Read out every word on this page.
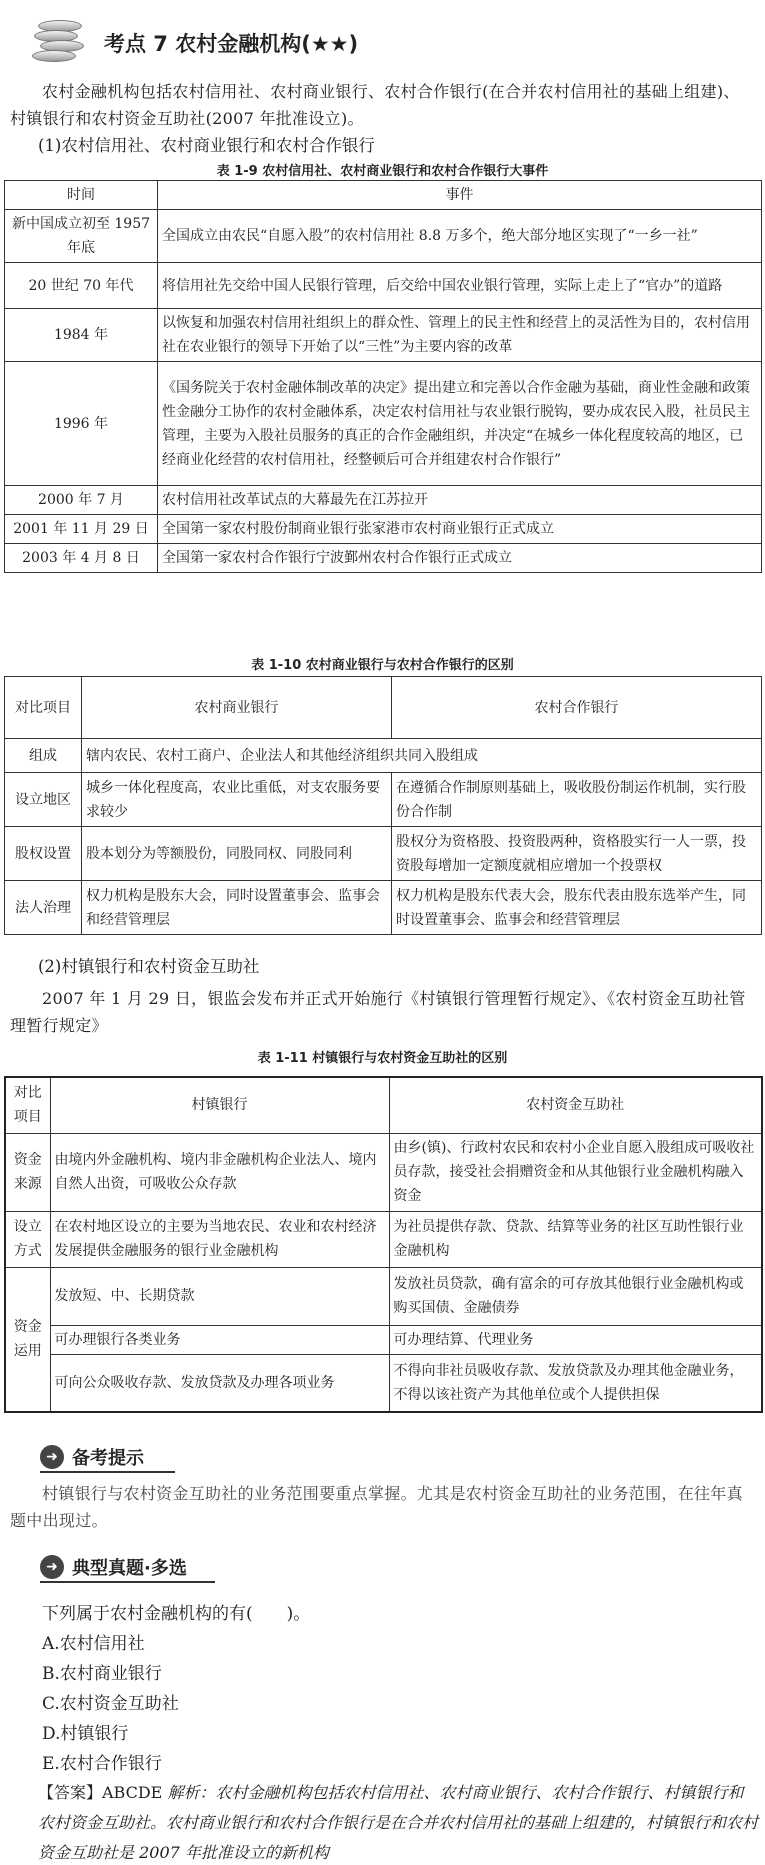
考点 7 农村金融机构(★★)
农村金融机构包括农村信用社、农村商业银行、农村合作银行(在合并农村信用社的基础上组建)、村镇银行和农村资金互助社(2007 年批准设立)。
(1)农村信用社、农村商业银行和农村合作银行
表 1-9 农村信用社、农村商业银行和农村合作银行大事件
时间	事件
新中国成立初至 1957 年底	全国成立由农民“自愿入股”的农村信用社 8.8 万多个，绝大部分地区实现了“一乡一社”
20 世纪 70 年代	将信用社先交给中国人民银行管理，后交给中国农业银行管理，实际上走上了“官办”的道路
1984 年	以恢复和加强农村信用社组织上的群众性、管理上的民主性和经营上的灵活性为目的，农村信用社在农业银行的领导下开始了以“三性”为主要内容的改革
1996 年	《国务院关于农村金融体制改革的决定》提出建立和完善以合作金融为基础，商业性金融和政策性金融分工协作的农村金融体系，决定农村信用社与农业银行脱钩，要办成农民入股，社员民主管理，主要为入股社员服务的真正的合作金融组织，并决定“在城乡一体化程度较高的地区，已经商业化经营的农村信用社，经整顿后可合并组建农村合作银行”
2000 年 7 月	农村信用社改革试点的大幕最先在江苏拉开
2001 年 11 月 29 日	全国第一家农村股份制商业银行张家港市农村商业银行正式成立
2003 年 4 月 8 日	全国第一家农村合作银行宁波鄞州农村合作银行正式成立
表 1-10 农村商业银行与农村合作银行的区别
对比项目	农村商业银行	农村合作银行
组成	辖内农民、农村工商户、企业法人和其他经济组织共同入股组成	
设立地区	城乡一体化程度高，农业比重低，对支农服务要求较少	在遵循合作制原则基础上，吸收股份制运作机制，实行股份合作制
股权设置	股本划分为等额股份，同股同权、同股同利	股权分为资格股、投资股两种，资格股实行一人一票，投资股每增加一定额度就相应增加一个投票权
法人治理	权力机构是股东大会，同时设置董事会、监事会和经营管理层	权力机构是股东代表大会，股东代表由股东选举产生，同时设置董事会、监事会和经营管理层
(2)村镇银行和农村资金互助社
2007 年 1 月 29 日，银监会发布并正式开始施行《村镇银行管理暂行规定》、《农村资金互助社管理暂行规定》
表 1-11 村镇银行与农村资金互助社的区别
对比项目	村镇银行	农村资金互助社
资金来源	由境内外金融机构、境内非金融机构企业法人、境内自然人出资，可吸收公众存款	由乡(镇)、行政村农民和农村小企业自愿入股组成可吸收社员存款，接受社会捐赠资金和从其他银行业金融机构融入资金
设立方式	在农村地区设立的主要为当地农民、农业和农村经济发展提供金融服务的银行业金融机构	为社员提供存款、贷款、结算等业务的社区互助性银行业金融机构
资金运用	发放短、中、长期贷款	发放社员贷款，确有富余的可存放其他银行业金融机构或购买国债、金融债券
	可办理银行各类业务	可办理结算、代理业务
	可向公众吸收存款、发放贷款及办理各项业务	不得向非社员吸收存款、发放贷款及办理其他金融业务，不得以该社资产为其他单位或个人提供担保
➜ 备考提示
村镇银行与农村资金互助社的业务范围要重点掌握。尤其是农村资金互助社的业务范围，在往年真题中出现过。
➜ 典型真题·多选
下列属于农村金融机构的有(　　)。
A.农村信用社
B.农村商业银行
C.农村资金互助社
D.村镇银行
E.农村合作银行
【答案】ABCDE 解析：农村金融机构包括农村信用社、农村商业银行、农村合作银行、村镇银行和农村资金互助社。农村商业银行和农村合作银行是在合并农村信用社的基础上组建的，村镇银行和农村资金互助社是 2007 年批准设立的新机构
